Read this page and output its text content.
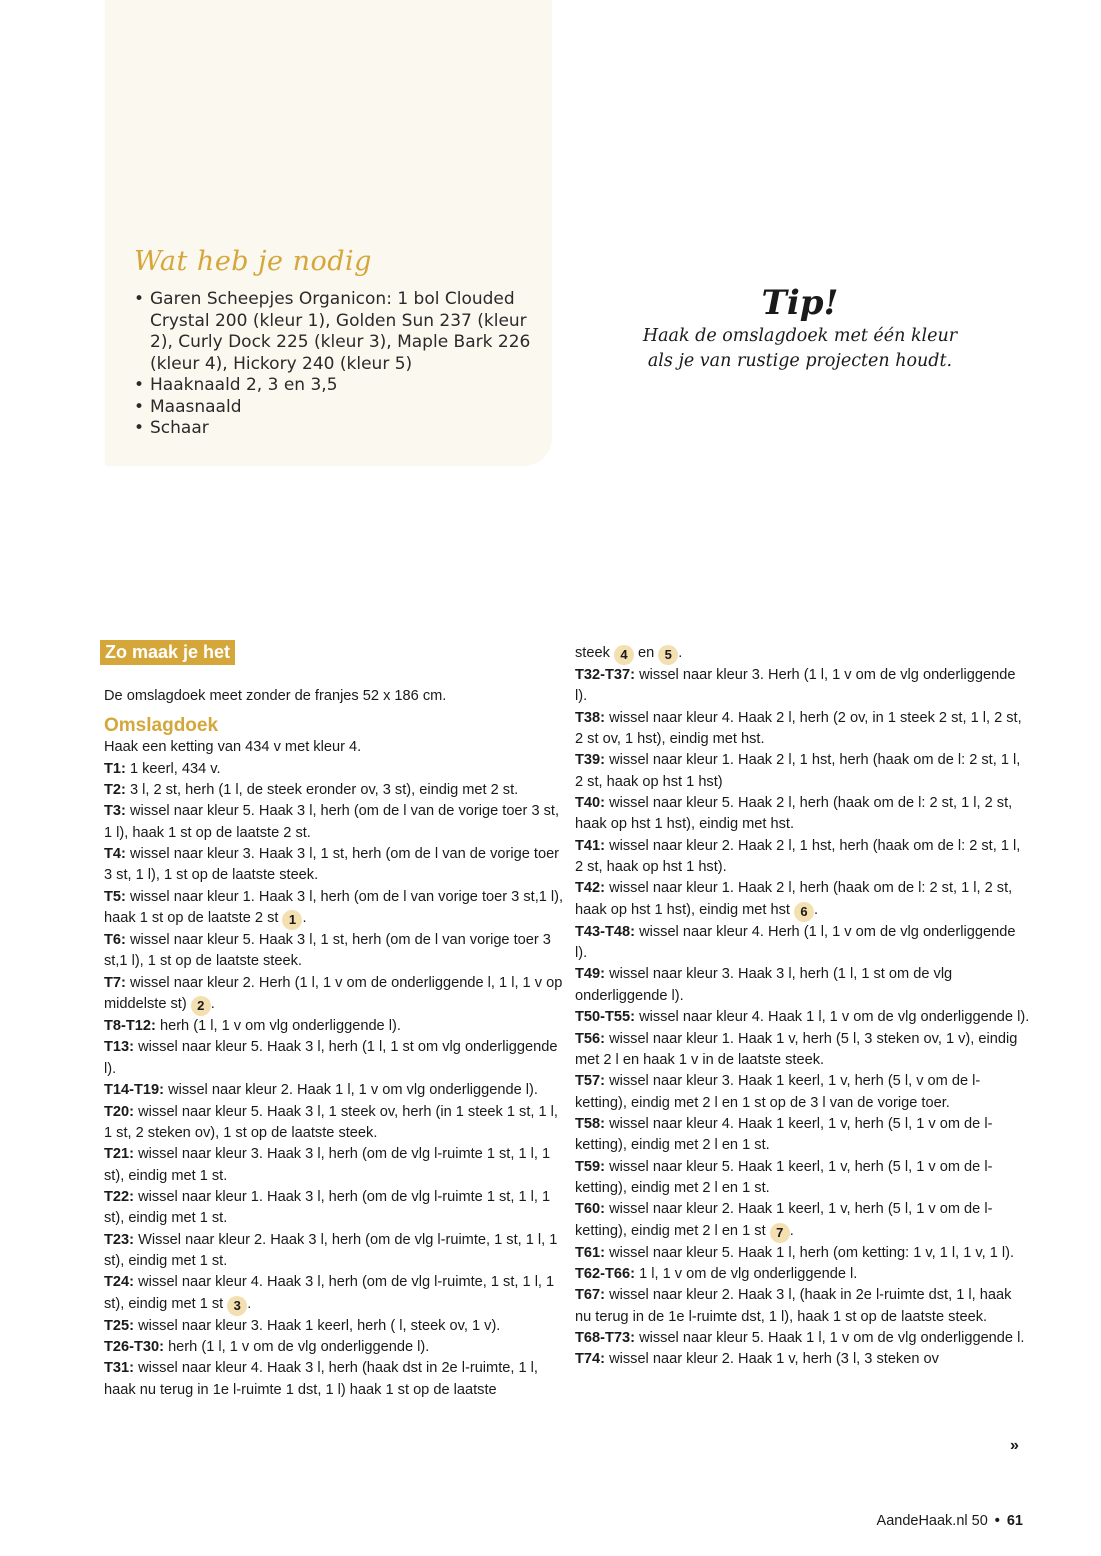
Wat heb je nodig
• Garen Scheepjes Organicon: 1 bol Clouded Crystal 200 (kleur 1), Golden Sun 237 (kleur 2), Curly Dock 225 (kleur 3), Maple Bark 226 (kleur 4), Hickory 240 (kleur 5)
• Haaknaald 2, 3 en 3,5
• Maasnaald
• Schaar
Tip!
Haak de omslagdoek met één kleur
als je van rustige projecten houdt.
Zo maak je het

De omslagdoek meet zonder de franjes 52 x 186 cm.

Omslagdoek

Haak een ketting van 434 v met kleur 4.

T1: 1 keerl, 434 v.

T2: 3 l, 2 st, herh (1 l, de steek eronder ov, 3 st), eindig met 2 st.

T3: wissel naar kleur 5. Haak 3 l, herh (om de l van de vorige toer 3 st, 1 l), haak 1 st op de laatste 2 st.

T4: wissel naar kleur 3. Haak 3 l, 1 st, herh (om de l van de vorige toer 3 st, 1 l), 1 st op de laatste steek.

T5: wissel naar kleur 1. Haak 3 l, herh (om de l van vorige toer 3 st,1 l), haak 1 st op de laatste 2 st 1 .

T6: wissel naar kleur 5. Haak 3 l, 1 st, herh (om de l van vorige toer 3 st,1 l), 1 st op de laatste steek.

T7: wissel naar kleur 2. Herh (1 l, 1 v om de onderliggende l, 1 l, 1 v op middelste st) 2 .

T8-T12: herh (1 l, 1 v om vlg onderliggende l).

T13: wissel naar kleur 5. Haak 3 l, herh (1 l, 1 st om vlg onderliggende l).

T14-T19: wissel naar kleur 2. Haak 1 l, 1 v om vlg onderliggende l).

T20: wissel naar kleur 5. Haak 3 l, 1 steek ov, herh (in 1 steek 1 st, 1 l, 1 st, 2 steken ov), 1 st op de laatste steek.

T21: wissel naar kleur 3. Haak 3 l, herh (om de vlg l-ruimte 1 st, 1 l, 1 st), eindig met 1 st.

T22: wissel naar kleur 1. Haak 3 l, herh (om de vlg l-ruimte 1 st, 1 l, 1 st), eindig met 1 st.

T23: Wissel naar kleur 2. Haak 3 l, herh (om de vlg l-ruimte, 1 st, 1 l, 1 st), eindig met 1 st.

T24: wissel naar kleur 4. Haak 3 l, herh (om de vlg l-ruimte, 1 st, 1 l, 1 st), eindig met 1 st 3 .

T25: wissel naar kleur 3. Haak 1 keerl, herh ( l, steek ov, 1 v).

T26-T30: herh (1 l, 1 v om de vlg onderliggende l).

T31: wissel naar kleur 4. Haak 3 l, herh (haak dst in 2e l-ruimte, 1 l, haak nu terug in 1e l-ruimte 1 dst, 1 l) haak 1 st op de laatste

steek 4 en 5 .

T32-T37: wissel naar kleur 3. Herh (1 l, 1 v om de vlg onderliggende l).

T38: wissel naar kleur 4. Haak 2 l, herh (2 ov, in 1 steek 2 st, 1 l, 2 st, 2 st ov, 1 hst), eindig met hst.

T39: wissel naar kleur 1. Haak 2 l, 1 hst, herh (haak om de l: 2 st, 1 l, 2 st, haak op hst 1 hst)

T40: wissel naar kleur 5. Haak 2 l, herh (haak om de l: 2 st, 1 l, 2 st, haak op hst 1 hst), eindig met hst.

T41: wissel naar kleur 2. Haak 2 l, 1 hst, herh (haak om de l: 2 st, 1 l, 2 st, haak op hst 1 hst).

T42: wissel naar kleur 1. Haak 2 l, herh (haak om de l: 2 st, 1 l, 2 st, haak op hst 1 hst), eindig met hst 6 .

T43-T48: wissel naar kleur 4. Herh (1 l, 1 v om de vlg onderliggende l).

T49: wissel naar kleur 3. Haak 3 l, herh (1 l, 1 st om de vlg onderliggende l).

T50-T55: wissel naar kleur 4. Haak 1 l, 1 v om de vlg onderliggende l).

T56: wissel naar kleur 1. Haak 1 v, herh (5 l, 3 steken ov, 1 v), eindig met 2 l en haak 1 v in de laatste steek.

T57: wissel naar kleur 3. Haak 1 keerl, 1 v, herh (5 l, v om de l-ketting), eindig met 2 l en 1 st op de 3 l van de vorige toer.

T58: wissel naar kleur 4. Haak 1 keerl, 1 v, herh (5 l, 1 v om de l-ketting), eindig met 2 l en 1 st.

T59: wissel naar kleur 5. Haak 1 keerl, 1 v, herh (5 l, 1 v om de l-ketting), eindig met 2 l en 1 st.

T60: wissel naar kleur 2. Haak 1 keerl, 1 v, herh (5 l, 1 v om de l-ketting), eindig met 2 l en 1 st 7 .

T61: wissel naar kleur 5. Haak 1 l, herh (om ketting: 1 v, 1 l, 1 v, 1 l).

T62-T66: 1 l, 1 v om de vlg onderliggende l.

T67: wissel naar kleur 2. Haak 3 l, (haak in 2e l-ruimte dst, 1 l, haak nu terug in de 1e l-ruimte dst, 1 l), haak 1 st op de laatste steek.

T68-T73: wissel naar kleur 5. Haak 1 l, 1 v om de vlg onderliggende l.

T74: wissel naar kleur 2. Haak 1 v, herh (3 l, 3 steken ov

»
AandeHaak.nl 50 • 61
